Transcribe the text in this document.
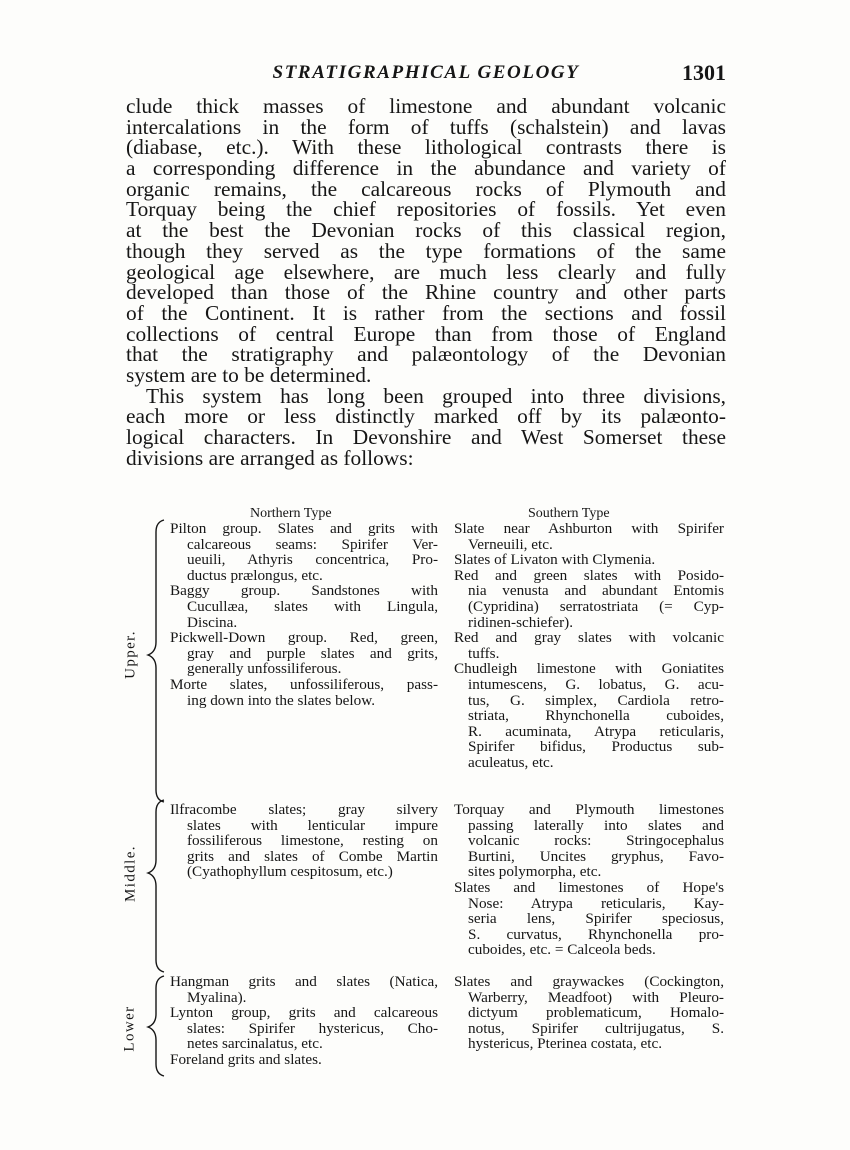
STRATIGRAPHICAL GEOLOGY	1301
clude thick masses of limestone and abundant volcanic
intercalations in the form of tuffs (schalstein) and lavas
(diabase, etc.). With these lithological contrasts there is
a corresponding difference in the abundance and variety of
organic remains, the calcareous rocks of Plymouth and
Torquay being the chief repositories of fossils. Yet even
at the best the Devonian rocks of this classical region,
though they served as the type formations of the same
geological age elsewhere, are much less clearly and fully
developed than those of the Rhine country and other parts
of the Continent. It is rather from the sections and fossil
collections of central Europe than from those of England
that the stratigraphy and palæontology of the Devonian
system are to be determined.
This system has long been grouped into three divisions,
each more or less distinctly marked off by its palæonto-
logical characters. In Devonshire and West Somerset these
divisions are arranged as follows:
Northern Type	Southern Type
Upper.
Middle.
Lower
Pilton group. Slates and grits with
calcareous seams: Spirifer Ver-
ueuili, Athyris concentrica, Pro-
ductus prælongus, etc.
Baggy group. Sandstones with
Cucullæa, slates with Lingula,
Discina.
Pickwell-Down group. Red, green,
gray and purple slates and grits,
generally unfossiliferous.
Morte slates, unfossiliferous, pass-
ing down into the slates below.
Slate near Ashburton with Spirifer
Verneuili, etc.
Slates of Livaton with Clymenia.
Red and green slates with Posido-
nia venusta and abundant Entomis
(Cypridina) serratostriata (= Cyp-
ridinen-schiefer).
Red and gray slates with volcanic
tuffs.
Chudleigh limestone with Goniatites
intumescens, G. lobatus, G. acu-
tus, G. simplex, Cardiola retro-
striata, Rhynchonella cuboides,
R. acuminata, Atrypa reticularis,
Spirifer bifidus, Productus sub-
aculeatus, etc.
Ilfracombe slates; gray silvery
slates with lenticular impure
fossiliferous limestone, resting on
grits and slates of Combe Martin
(Cyathophyllum cespitosum, etc.)
Torquay and Plymouth limestones
passing laterally into slates and
volcanic rocks: Stringocephalus
Burtini, Uncites gryphus, Favo-
sites polymorpha, etc.
Slates and limestones of Hope's
Nose: Atrypa reticularis, Kay-
seria lens, Spirifer speciosus,
S. curvatus, Rhynchonella pro-
cuboides, etc. = Calceola beds.
Hangman grits and slates (Natica,
Myalina).
Lynton group, grits and calcareous
slates: Spirifer hystericus, Cho-
netes sarcinalatus, etc.
Foreland grits and slates.
Slates and graywackes (Cockington,
Warberry, Meadfoot) with Pleuro-
dictyum problematicum, Homalo-
notus, Spirifer cultrijugatus, S.
hystericus, Pterinea costata, etc.
